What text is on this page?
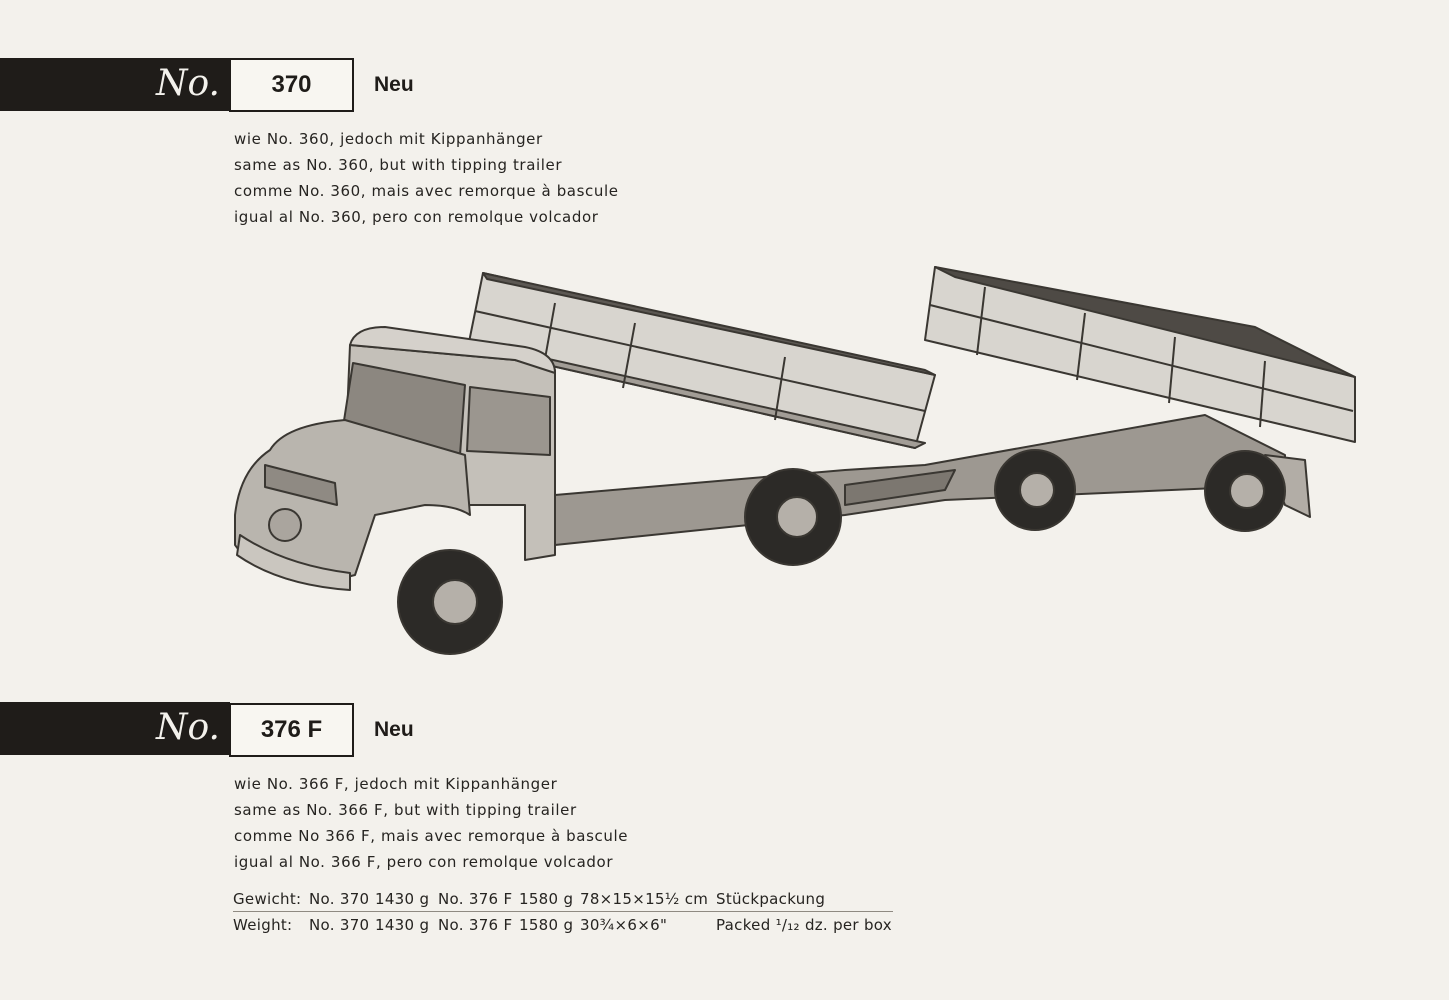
No.	370	Neu
wie No. 360, jedoch mit Kippanhänger
same as No. 360, but with tipping trailer
comme No. 360, mais avec remorque à bascule
igual al No. 360, pero con remolque volcador
No.	376 F	Neu
wie No. 366 F, jedoch mit Kippanhänger
same as No. 366 F, but with tipping trailer
comme No 366 F, mais avec remorque à bascule
igual al No. 366 F, pero con remolque volcador
Gewicht: No. 370 1430 g No. 376 F 1580 g 78×15×15½ cm Stückpackung
Weight: No. 370 1430 g No. 376 F 1580 g 30¾×6×6"	Packed ¹/₁₂ dz. per box
